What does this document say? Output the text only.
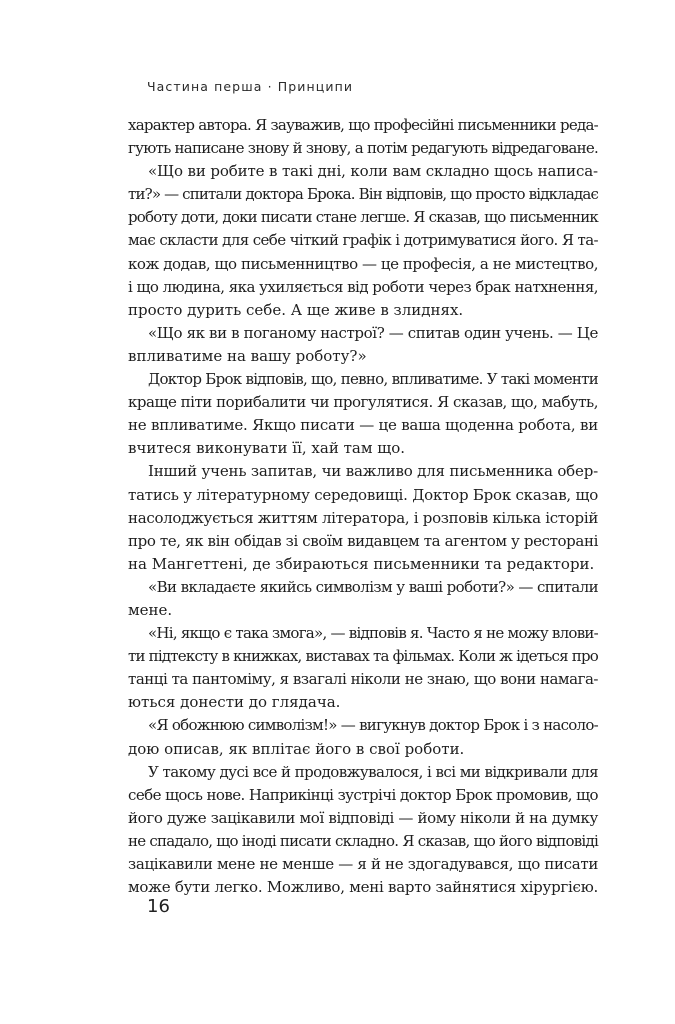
Частина перша · Принципи
характер автора. Я зауважив, що професійні письменники реда-
гують написане знову й знову, а потім редагують відредаговане.
«Що ви робите в такі дні, коли вам складно щось написа-
ти?» — спитали доктора Брока. Він відповів, що просто відкладає
роботу доти, доки писати стане легше. Я сказав, що письменник
має скласти для себе чіткий графік і дотримуватися його. Я та-
кож додав, що письменництво — це професія, а не мистецтво,
і що людина, яка ухиляється від роботи через брак натхнення,
просто дурить себе. А ще живе в злиднях.
«Що як ви в поганому настрої? — спитав один учень. — Це
впливатиме на вашу роботу?»
Доктор Брок відповів, що, певно, впливатиме. У такі моменти
краще піти порибалити чи прогулятися. Я сказав, що, мабуть,
не впливатиме. Якщо писати — це ваша щоденна робота, ви
вчитеся виконувати її, хай там що.
Інший учень запитав, чи важливо для письменника обер-
татись у літературному середовищі. Доктор Брок сказав, що
насолоджується життям літератора, і розповів кілька історій
про те, як він обідав зі своїм видавцем та агентом у ресторані
на Мангеттені, де збираються письменники та редактори.
«Ви вкладаєте якийсь символізм у ваші роботи?» — спитали
мене.
«Ні, якщо є така змога», — відповів я. Часто я не можу влови-
ти підтексту в книжках, виставах та фільмах. Коли ж ідеться про
танці та пантоміму, я взагалі ніколи не знаю, що вони намага-
ються донести до глядача.
«Я обожнюю символізм!» — вигукнув доктор Брок і з насоло-
дою описав, як вплітає його в свої роботи.
У такому дусі все й продовжувалося, і всі ми відкривали для
себе щось нове. Наприкінці зустрічі доктор Брок промовив, що
його дуже зацікавили мої відповіді — йому ніколи й на думку
не спадало, що іноді писати складно. Я сказав, що його відповіді
зацікавили мене не менше — я й не здогадувався, що писати
може бути легко. Можливо, мені варто зайнятися хірургією.
16
